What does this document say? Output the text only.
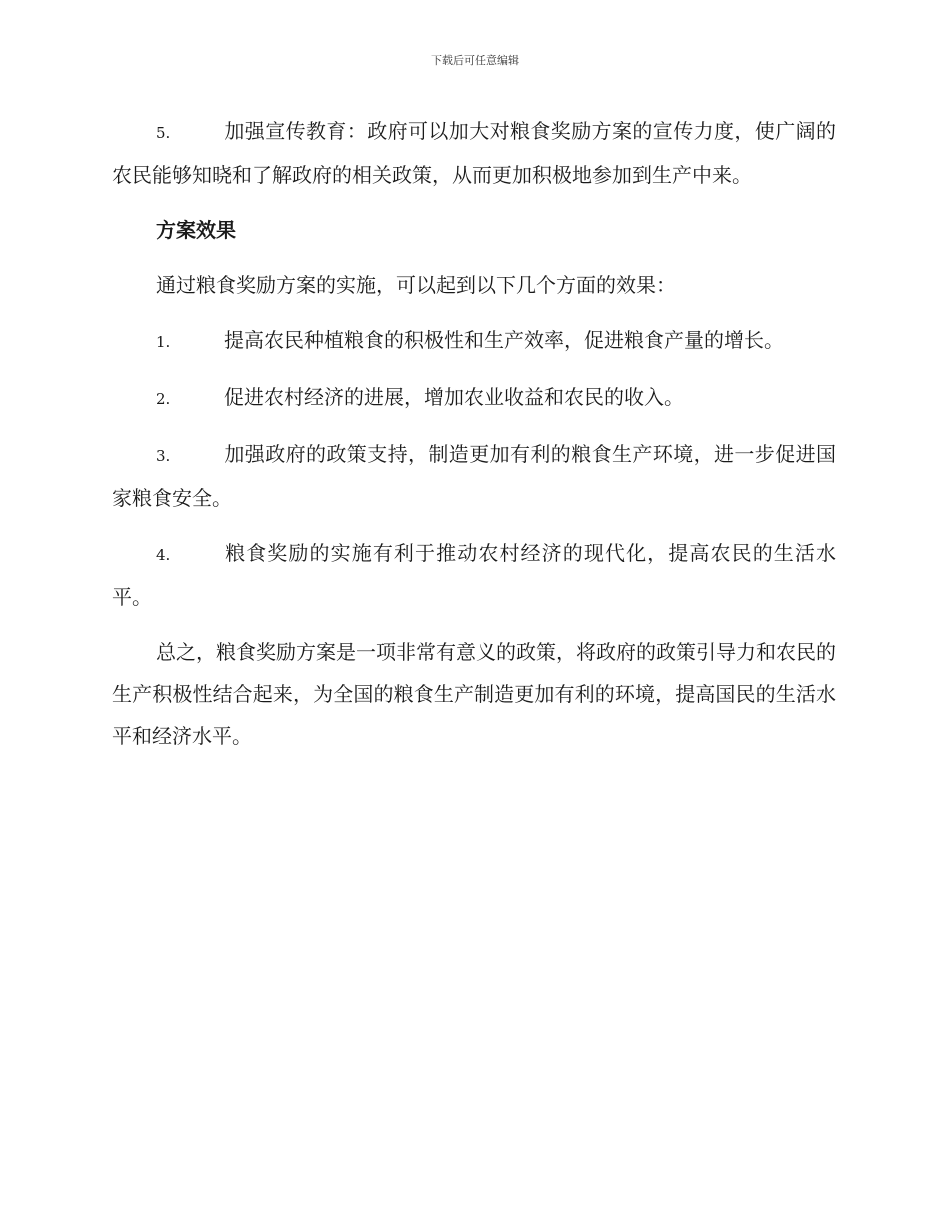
下载后可任意编辑

5.	加强宣传教育：政府可以加大对粮食奖励方案的宣传力度，使广阔的农民能够知晓和了解政府的相关政策，从而更加积极地参加到生产中来。

方案效果

通过粮食奖励方案的实施，可以起到以下几个方面的效果：

1.	提高农民种植粮食的积极性和生产效率，促进粮食产量的增长。

2.	促进农村经济的进展，增加农业收益和农民的收入。

3.	加强政府的政策支持，制造更加有利的粮食生产环境，进一步促进国家粮食安全。

4.	粮食奖励的实施有利于推动农村经济的现代化，提高农民的生活水平。

总之，粮食奖励方案是一项非常有意义的政策，将政府的政策引导力和农民的生产积极性结合起来，为全国的粮食生产制造更加有利的环境，提高国民的生活水平和经济水平。
